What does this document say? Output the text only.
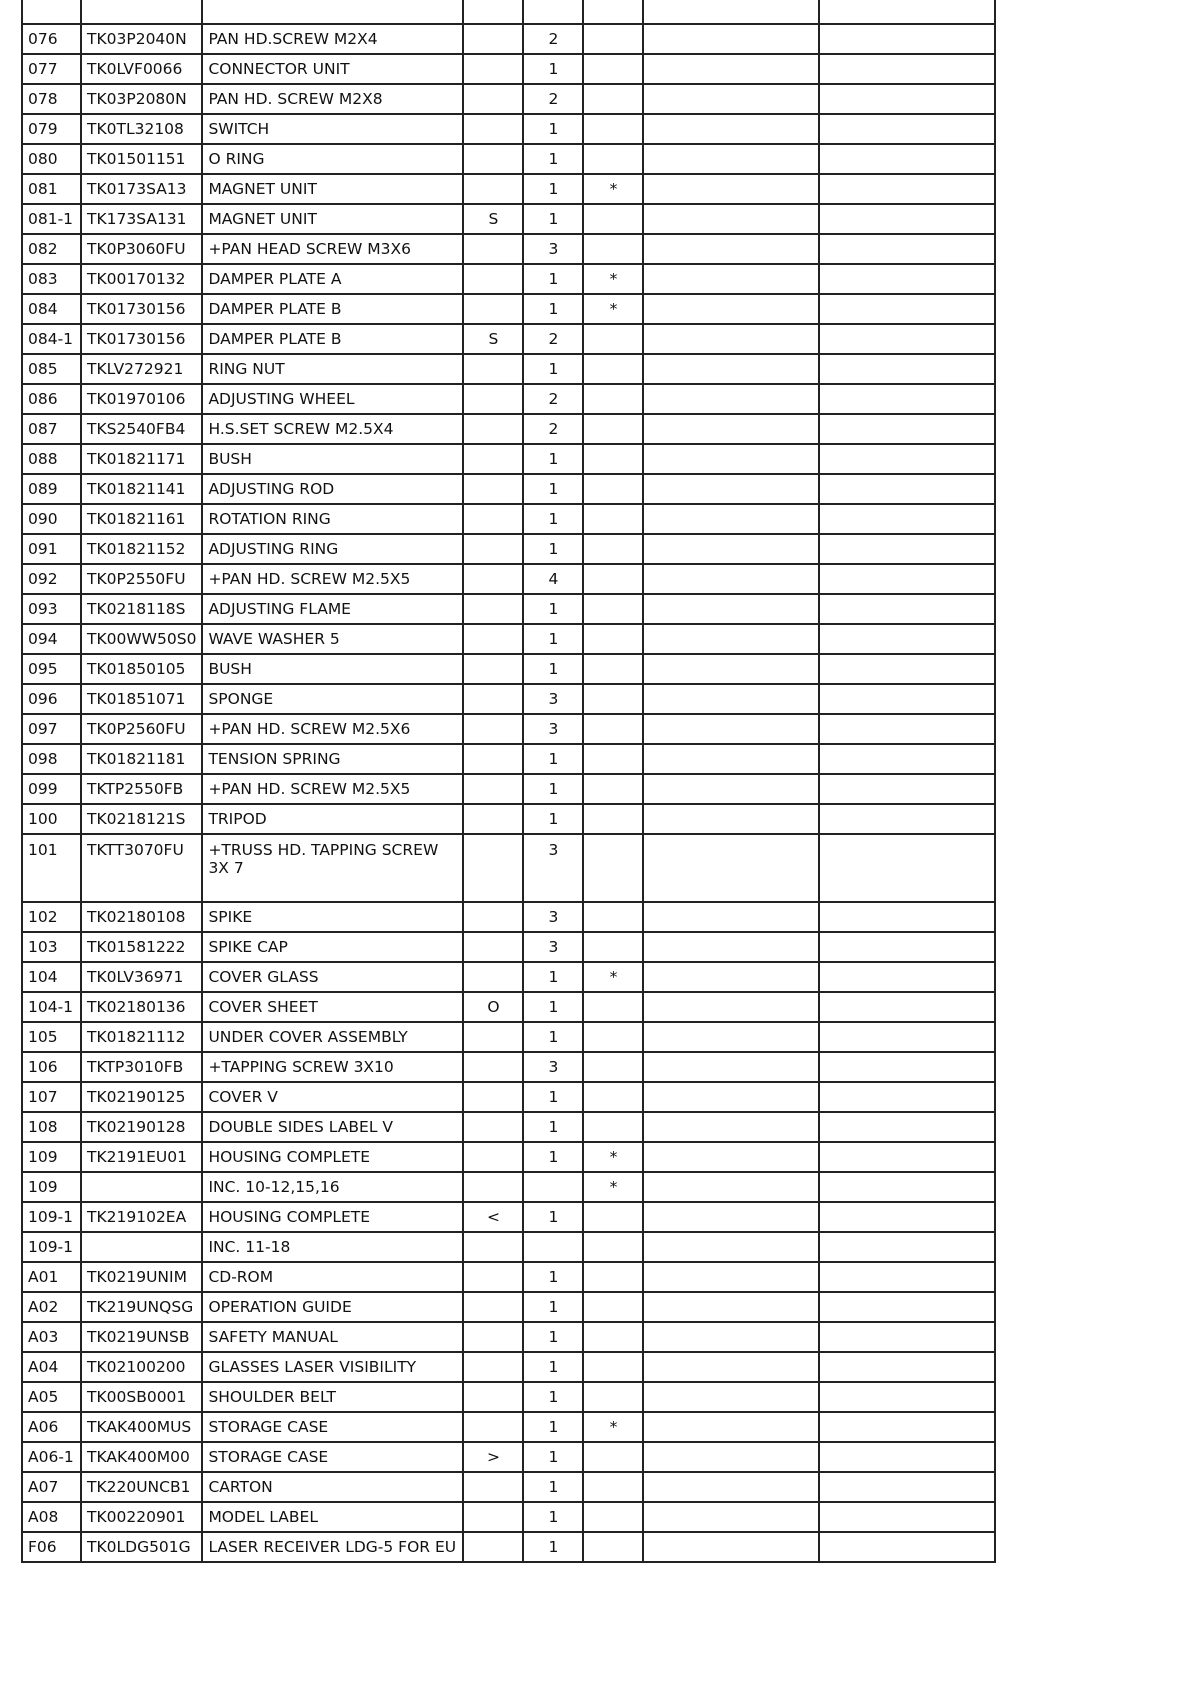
076	TK03P2040N	PAN HD.SCREW M2X4		2			
077	TK0LVF0066	CONNECTOR UNIT		1			
078	TK03P2080N	PAN HD. SCREW M2X8		2			
079	TK0TL32108	SWITCH		1			
080	TK01501151	O RING		1			
081	TK0173SA13	MAGNET UNIT		1	*		
081-1	TK173SA131	MAGNET UNIT	S	1			
082	TK0P3060FU	+PAN HEAD SCREW M3X6		3			
083	TK00170132	DAMPER PLATE A		1	*		
084	TK01730156	DAMPER PLATE B		1	*		
084-1	TK01730156	DAMPER PLATE B	S	2			
085	TKLV272921	RING NUT		1			
086	TK01970106	ADJUSTING WHEEL		2			
087	TKS2540FB4	H.S.SET SCREW M2.5X4		2			
088	TK01821171	BUSH		1			
089	TK01821141	ADJUSTING ROD		1			
090	TK01821161	ROTATION RING		1			
091	TK01821152	ADJUSTING RING		1			
092	TK0P2550FU	+PAN HD. SCREW M2.5X5		4			
093	TK0218118S	ADJUSTING FLAME		1			
094	TK00WW50S0	WAVE WASHER 5		1			
095	TK01850105	BUSH		1			
096	TK01851071	SPONGE		3			
097	TK0P2560FU	+PAN HD. SCREW M2.5X6		3			
098	TK01821181	TENSION SPRING		1			
099	TKTP2550FB	+PAN HD. SCREW M2.5X5		1			
100	TK0218121S	TRIPOD		1			
101	TKTT3070FU	+TRUSS HD. TAPPING SCREW 3X 7		3			
102	TK02180108	SPIKE		3			
103	TK01581222	SPIKE CAP		3			
104	TK0LV36971	COVER GLASS		1	*		
104-1	TK02180136	COVER SHEET	O	1			
105	TK01821112	UNDER COVER ASSEMBLY		1			
106	TKTP3010FB	+TAPPING SCREW 3X10		3			
107	TK02190125	COVER V		1			
108	TK02190128	DOUBLE SIDES LABEL V		1			
109	TK2191EU01	HOUSING COMPLETE		1	*		
109		INC. 10-12,15,16			*		
109-1	TK219102EA	HOUSING COMPLETE	<	1			
109-1		INC. 11-18					
A01	TK0219UNIM	CD-ROM		1			
A02	TK219UNQSG	OPERATION GUIDE		1			
A03	TK0219UNSB	SAFETY MANUAL		1			
A04	TK02100200	GLASSES LASER VISIBILITY		1			
A05	TK00SB0001	SHOULDER BELT		1			
A06	TKAK400MUS	STORAGE CASE		1	*		
A06-1	TKAK400M00	STORAGE CASE	>	1			
A07	TK220UNCB1	CARTON		1			
A08	TK00220901	MODEL LABEL		1			
F06	TK0LDG501G	LASER RECEIVER LDG-5 FOR EU		1			
